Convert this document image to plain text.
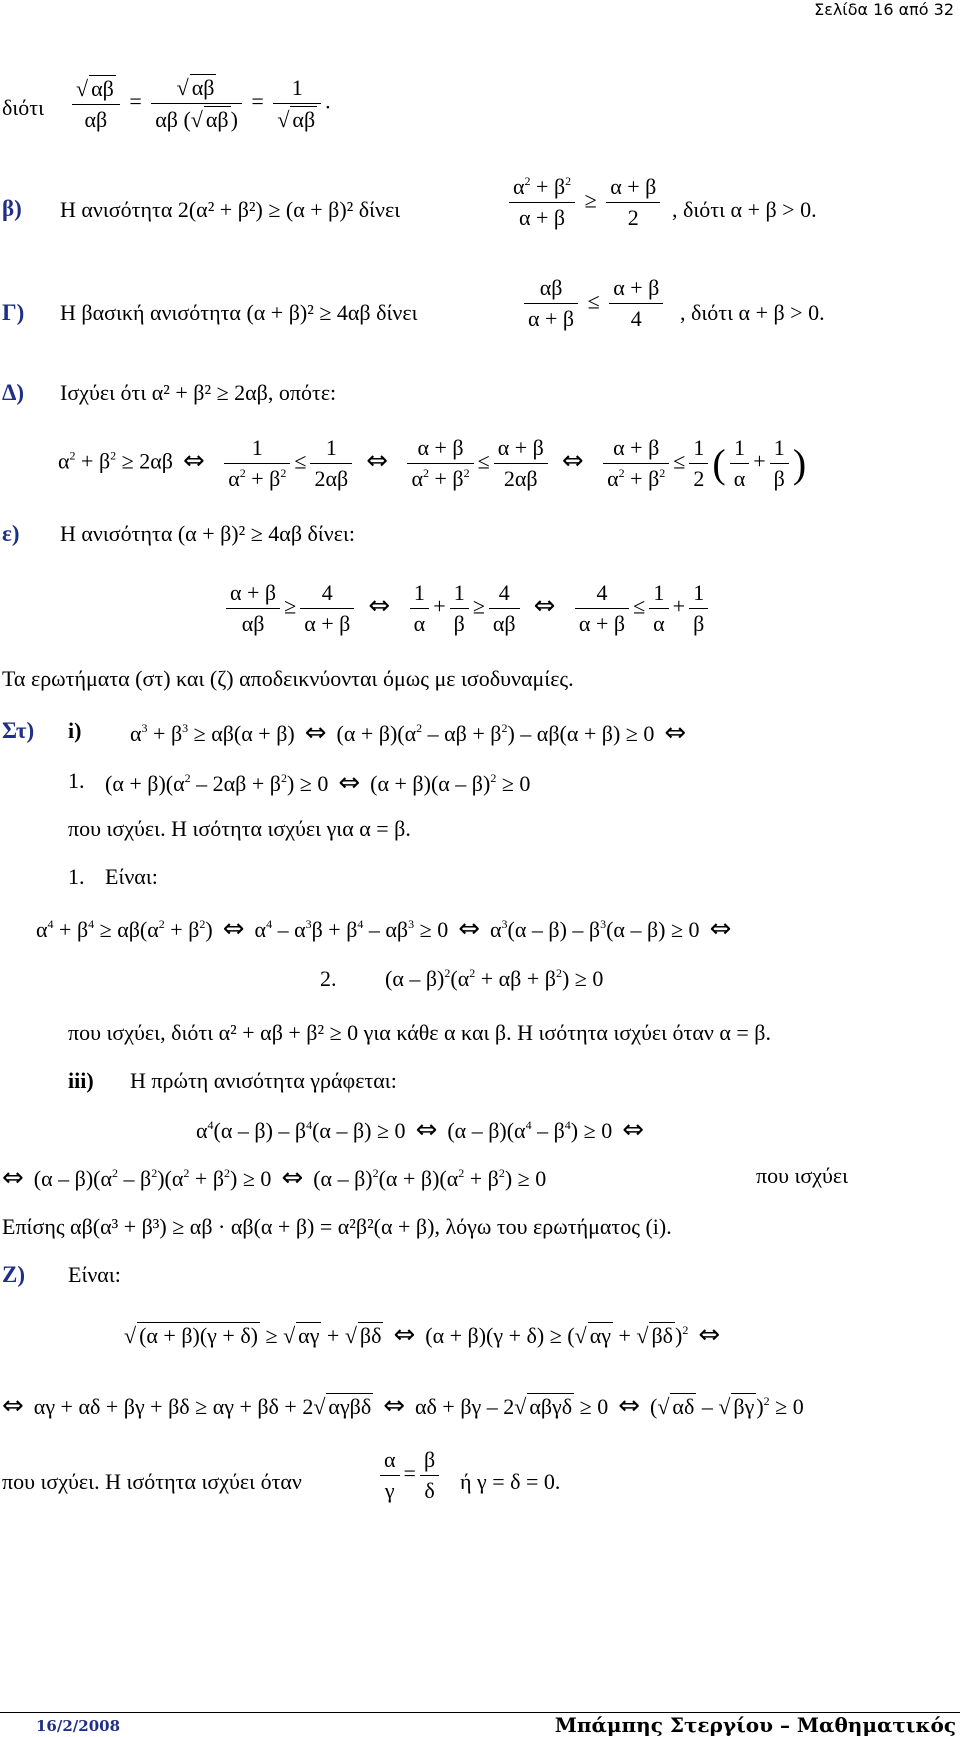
Σελίδα 16 από 32
διότι
√ $\frac{\alpha\beta}{\alpha\beta}$ =
√ $\frac{\alpha\beta}{\alpha\beta (√ \alpha\beta)} = 1$
√ αβ .
β) Η ανισότητα 2(α² + β²) ≥ (α + β)² δίνει	$\frac{\alpha^2 + \beta^2}{\alpha + \beta} \ge \frac{\alpha + \beta}{2}$ , διότι α + β > 0.
Γ) Η βασική ανισότητα (α + β)² ≥ 4αβ δίνει	$\frac{\alpha\beta}{\alpha + \beta} \le \frac{\alpha + \beta}{4}$ , διότι α + β > 0.
Δ) Ισχύει ότι α² + β² ≥ 2αβ, οπότε:
$\alpha^2 + \beta^2$ ≥ 2αβ⇔ $\frac{1}{\alpha^2 + \beta^2} \le \frac{1}{2\alpha\beta}$
⇔	$\frac{\alpha + \beta}{\alpha^2 + \beta^2} \le \frac{\alpha + \beta}{2\alpha\beta}$
⇔	$\frac{\alpha + \beta}{\alpha^2 + \beta^2} \le \frac{1}{2}$ ( $\frac{1}{\alpha} + \frac{1}{\beta}$ )
ε) Η ανισότητα (α + β)² ≥ 4αβ δίνει:
$\frac{\alpha + \beta}{\alpha\beta} \ge \frac{4}{\alpha + \beta}$
⇔	$\frac{1}{\alpha} + \frac{1}{\beta} \ge \frac{4}{\alpha\beta}$
⇔	$\frac{4}{\alpha + \beta} \le \frac{1}{\alpha} + \frac{1}{\beta}$
Τα ερωτήματα (στ) και (ζ) αποδεικνύονται όμως με ισοδυναμίες.
Στ) i) $\alpha^3 + \beta^3 \ge \alpha\beta(\alpha$ + β)⇔ $(\alpha + \beta)(\alpha^2 - \alpha\beta + \beta^2) - \alpha\beta(\alpha + \beta)$ ≥ 0⇔
1. $(\alpha + \beta)(\alpha^2 - 2\alpha\beta + \beta^2)$ ≥ 0⇔ (α + β)(α – β)$^2$ ≥ 0
που ισχύει. Η ισότητα ισχύει για α = β.
1. Είναι:
$\alpha^4 + \beta^4 \ge \alpha\beta(\alpha^2$ + $\beta^2)\Leftrightarrow$ $\alpha^4 - \alpha^3\beta + \beta^4 - \alpha\beta^3$ ≥ 0⇔ $\alpha^3(\alpha - \beta) - \beta^3(\alpha - \beta)$ ≥ 0⇔
2. $(\alpha - \beta)^2(\alpha^2 + \alpha\beta + \beta^2) \ge 0$
που ισχύει, διότι α² + αβ + β² ≥ 0 για κάθε α και β. Η ισότητα ισχύει όταν α = β.
iii) Η πρώτη ανισότητα γράφεται:
$\alpha^4(\alpha - \beta) - \beta^4(\alpha - \beta)$ ≥ 0⇔ $(\alpha - \beta)(\alpha^4 - \beta^4)$ ≥ 0⇔
⇔ $(\alpha - \beta)(\alpha^2 - \beta^2)(\alpha^2 + \beta^2)$ ≥ 0⇔ $(\alpha - \beta)^2(\alpha + \beta)(\alpha^2 + \beta^2) \ge 0$	που ισχύει
Επίσης αβ(α³ + β³) ≥ αβ · αβ(α + β) = α²β²(α + β), λόγω του ερωτήματος (i).
Ζ) Είναι:
√ (α + β)(γ + δ) ≥ √ αγ + √ βδ⇔ (α + β)(γ + δ) ≥ (√ αγ + √ βδ)$^2$⇔
⇔ αγ + αδ + βγ + βδ ≥ αγ + βδ + 2√ αγβδ⇔ αδ + βγ – 2√ αβγδ ≥ 0⇔ (√ αδ – √ βγ)$^2$ ≥ 0
που ισχύει. Η ισότητα ισχύει όταν	$\frac{\alpha}{\gamma} = \frac{\beta}{\delta}$ ή γ = δ = 0.
16/2/2008	Μπάμπης Στεργίου – Μαθηματικός
